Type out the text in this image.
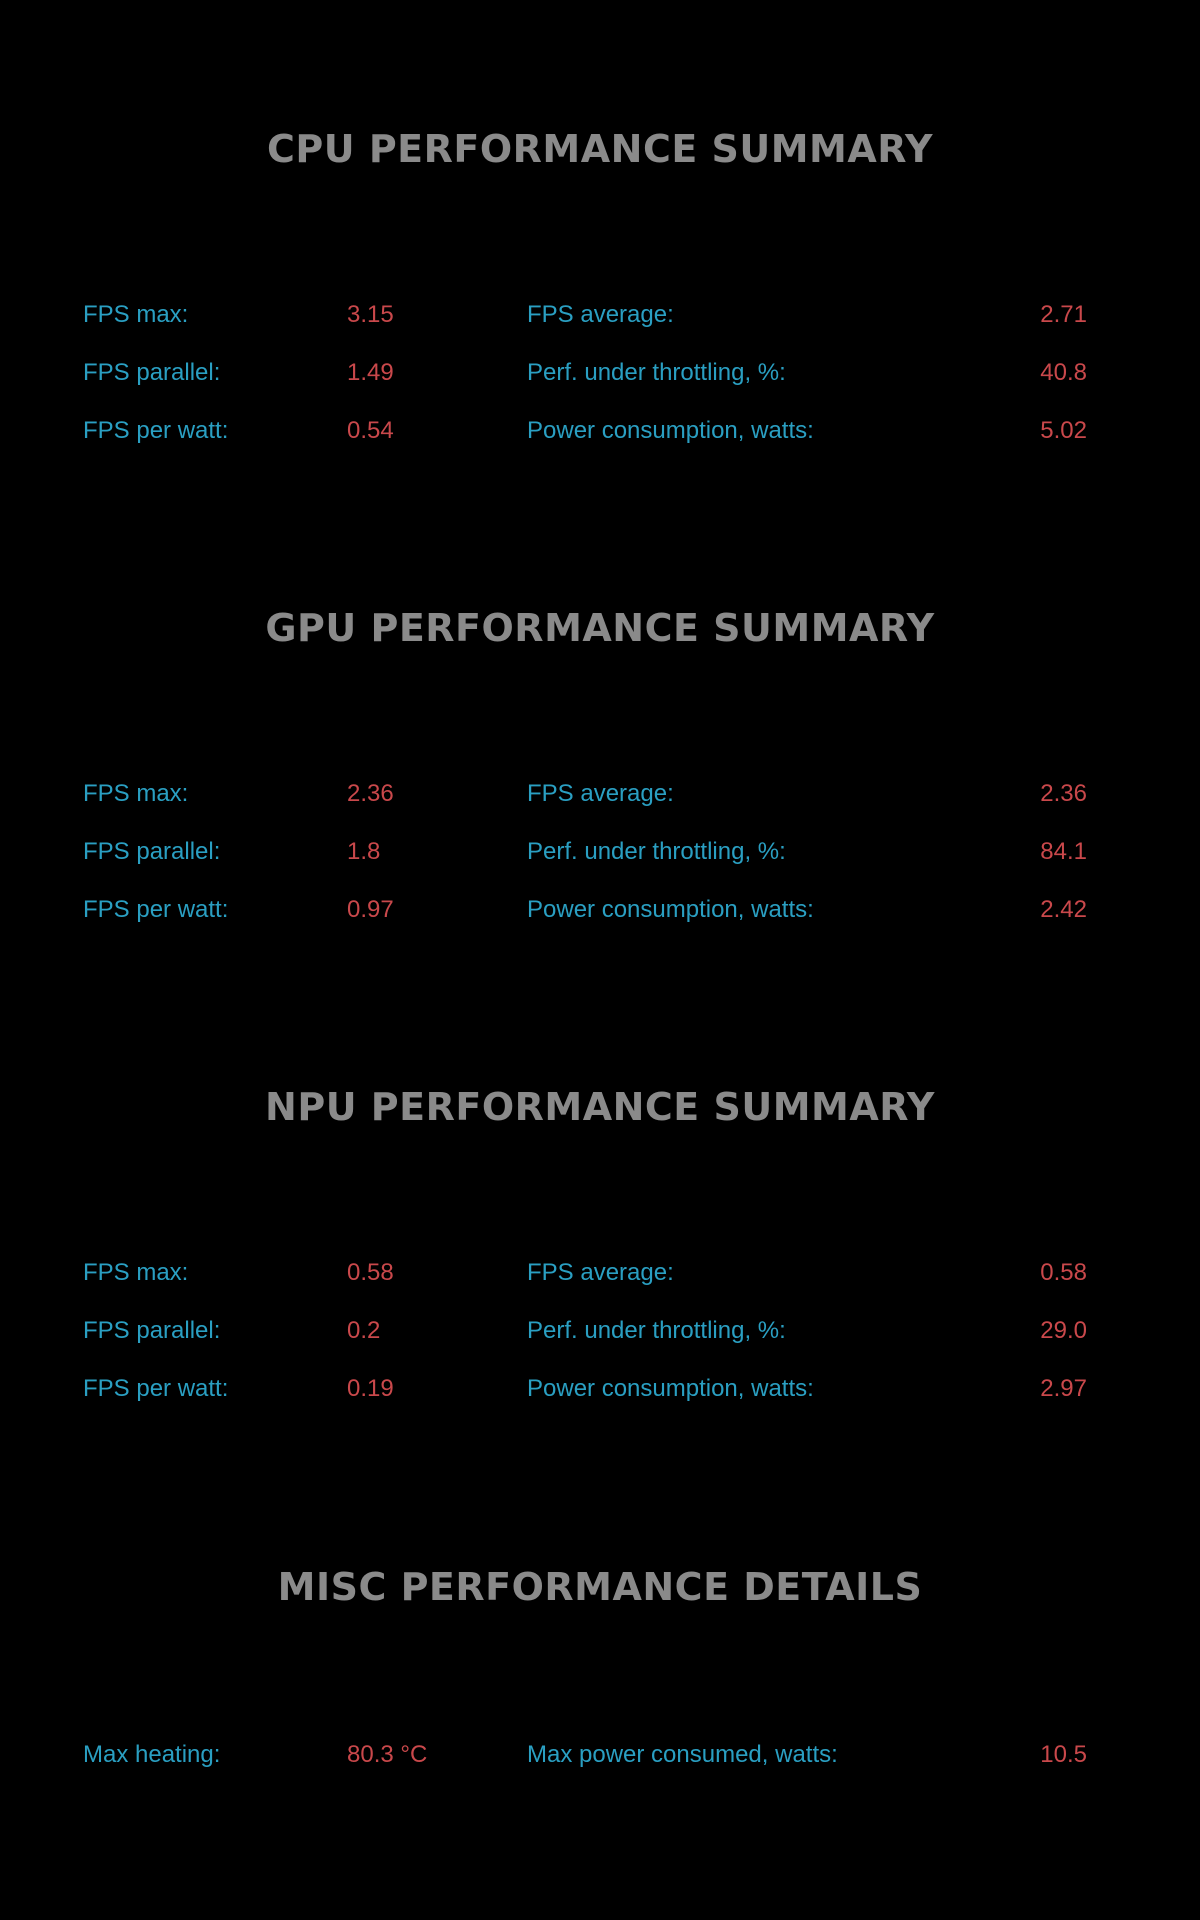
CPU PERFORMANCE SUMMARY
FPS max:	3.15	FPS average:	2.71
FPS parallel:	1.49	Perf. under throttling, %:	40.8
FPS per watt:	0.54	Power consumption, watts:	5.02
GPU PERFORMANCE SUMMARY
FPS max:	2.36	FPS average:	2.36
FPS parallel:	1.8	Perf. under throttling, %:	84.1
FPS per watt:	0.97	Power consumption, watts:	2.42
NPU PERFORMANCE SUMMARY
FPS max:	0.58	FPS average:	0.58
FPS parallel:	0.2	Perf. under throttling, %:	29.0
FPS per watt:	0.19	Power consumption, watts:	2.97
MISC PERFORMANCE DETAILS
Max heating:	80.3 °C	Max power consumed, watts:	10.5
